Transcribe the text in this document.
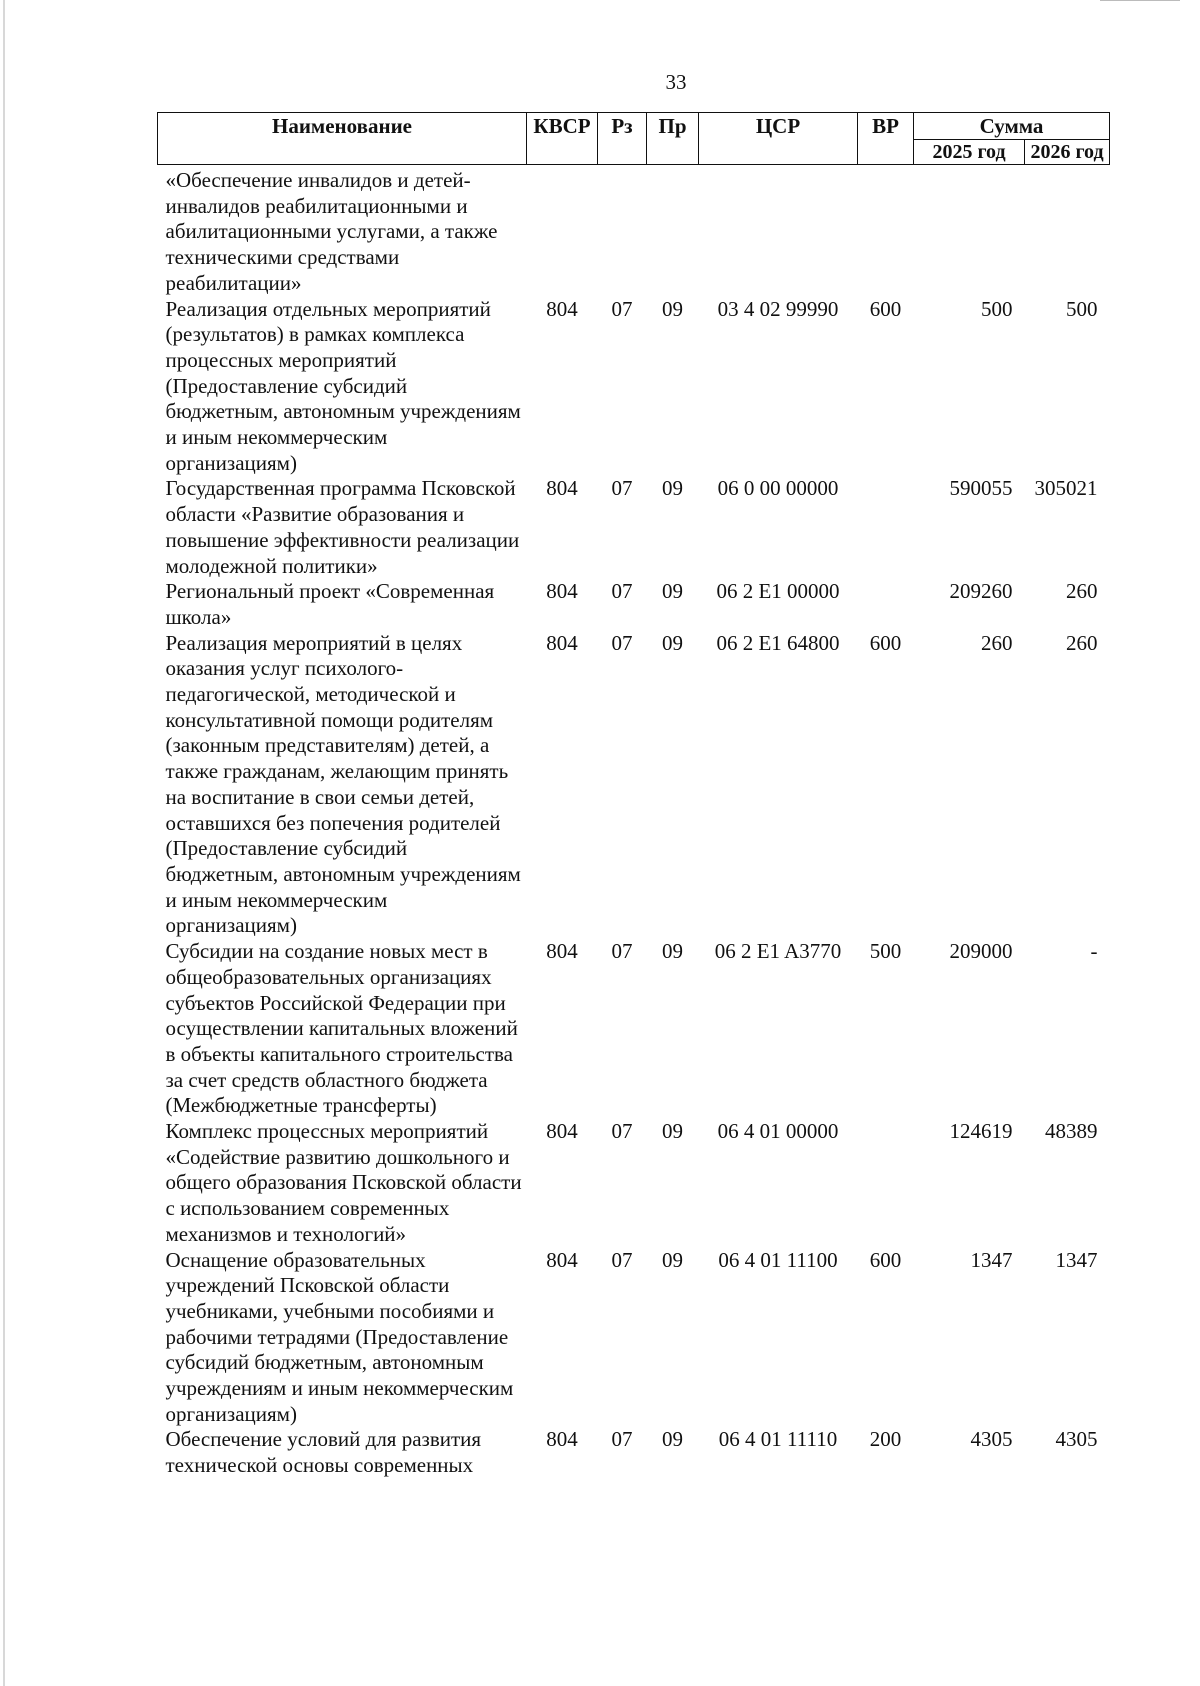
33
Наименование	КВСР	Рз	Пр	ЦСР	ВР	Сумма	
						2025 год	2026 год
«Обеспечение инвалидов и детей-инвалидов реабилитационными и абилитационными услугами, а также техническими средствами реабилитации»							
Реализация отдельных мероприятий (результатов) в рамках комплекса процессных мероприятий (Предоставление субсидий бюджетным, автономным учреждениям и иным некоммерческим организациям)	804	07	09	03 4 02 99990	600	500	500
Государственная программа Псковской области «Развитие образования и повышение эффективности реализации молодежной политики»	804	07	09	06 0 00 00000		590055	305021
Региональный проект «Современная школа»	804	07	09	06 2 E1 00000		209260	260
Реализация мероприятий в целях оказания услуг психолого-педагогической, методической и консультативной помощи родителям (законным представителям) детей, а также гражданам, желающим принять на воспитание в свои семьи детей, оставшихся без попечения родителей (Предоставление субсидий бюджетным, автономным учреждениям и иным некоммерческим организациям)	804	07	09	06 2 E1 64800	600	260	260
Субсидии на создание новых мест в общеобразовательных организациях субъектов Российской Федерации при осуществлении капитальных вложений в объекты капитального строительства за счет средств областного бюджета (Межбюджетные трансферты)	804	07	09	06 2 E1 A3770	500	209000	-
Комплекс процессных мероприятий «Содействие развитию дошкольного и общего образования Псковской области с использованием современных механизмов и технологий»	804	07	09	06 4 01 00000		124619	48389
Оснащение образовательных учреждений Псковской области учебниками, учебными пособиями и рабочими тетрадями (Предоставление субсидий бюджетным, автономным учреждениям и иным некоммерческим организациям)	804	07	09	06 4 01 11100	600	1347	1347
Обеспечение условий для развития технической основы современных	804	07	09	06 4 01 11110	200	4305	4305
